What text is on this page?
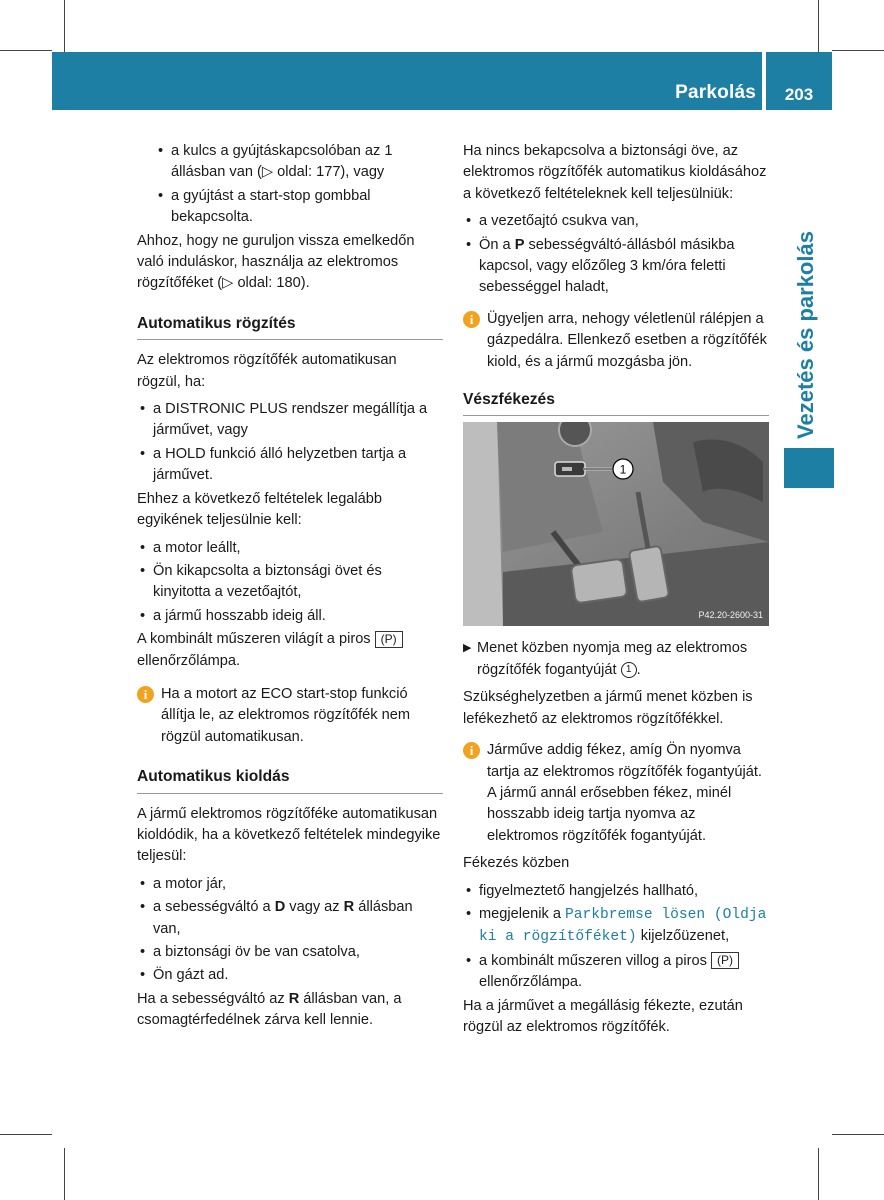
Parkolás	203
Vezetés és parkolás
• a kulcs a gyújtáskapcsolóban az 1 állásban van (▷ oldal: 177), vagy
• a gyújtást a start-stop gombbal bekapcsolta.

Ahhoz, hogy ne guruljon vissza emelkedőn való induláskor, használja az elektromos rögzítőféket (▷ oldal: 180).

Automatikus rögzítés

Az elektromos rögzítőfék automatikusan rögzül, ha:

• a DISTRONIC PLUS rendszer megállítja a járművet, vagy
• a HOLD funkció álló helyzetben tartja a járművet.

Ehhez a következő feltételek legalább egyikének teljesülnie kell:

• a motor leállt,
• Ön kikapcsolta a biztonsági övet és kinyitotta a vezetőajtót,
• a jármű hosszabb ideig áll.

A kombinált műszeren világít a piros (P)
ellenőrzőlámpa.

i Ha a motort az ECO start-stop funkció állítja le, az elektromos rögzítőfék nem rögzül automatikusan.
Automatikus kioldás

A jármű elektromos rögzítőféke automatikusan kioldódik, ha a következő feltételek mindegyike teljesül:

• a motor jár,
• a sebességváltó a D vagy az R állásban van,
• a biztonsági öv be van csatolva,
• Ön gázt ad.

Ha a sebességváltó az R állásban van, a csomagtérfedélnek zárva kell lennie.

Ha nincs bekapcsolva a biztonsági öve, az elektromos rögzítőfék automatikus kioldásához a következő feltételeknek kell teljesülniük:

• a vezetőajtó csukva van,
• Ön a P sebességváltó-állásból másikba kapcsol, vagy előzőleg 3 km/óra feletti sebességgel haladt,
i Ügyeljen arra, nehogy véletlenül rálépjen a gázpedálra. Ellenkező esetben a rögzítőfék kiold, és a jármű mozgásba jön.
Vészfékezés
1
P42.20-2600-31
▶ Menet közben nyomja meg az elektromos rögzítőfék fogantyúját 1 .

Szükséghelyzetben a jármű menet közben is lefékezhető az elektromos rögzítőfékkel.

i Járműve addig fékez, amíg Ön nyomva tartja az elektromos rögzítőfék fogantyúját. A jármű annál erősebben fékez, minél hosszabb ideig tartja nyomva az elektromos rögzítőfék fogantyúját.

Fékezés közben

• figyelmeztető hangjelzés hallható,
• megjelenik a Parkbremse lösen (Oldja ki a rögzítőféket) kijelzőüzenet,
• a kombinált műszeren villog a piros (P)
ellenőrzőlámpa.

Ha a járművet a megállásig fékezte, ezután rögzül az elektromos rögzítőfék.
